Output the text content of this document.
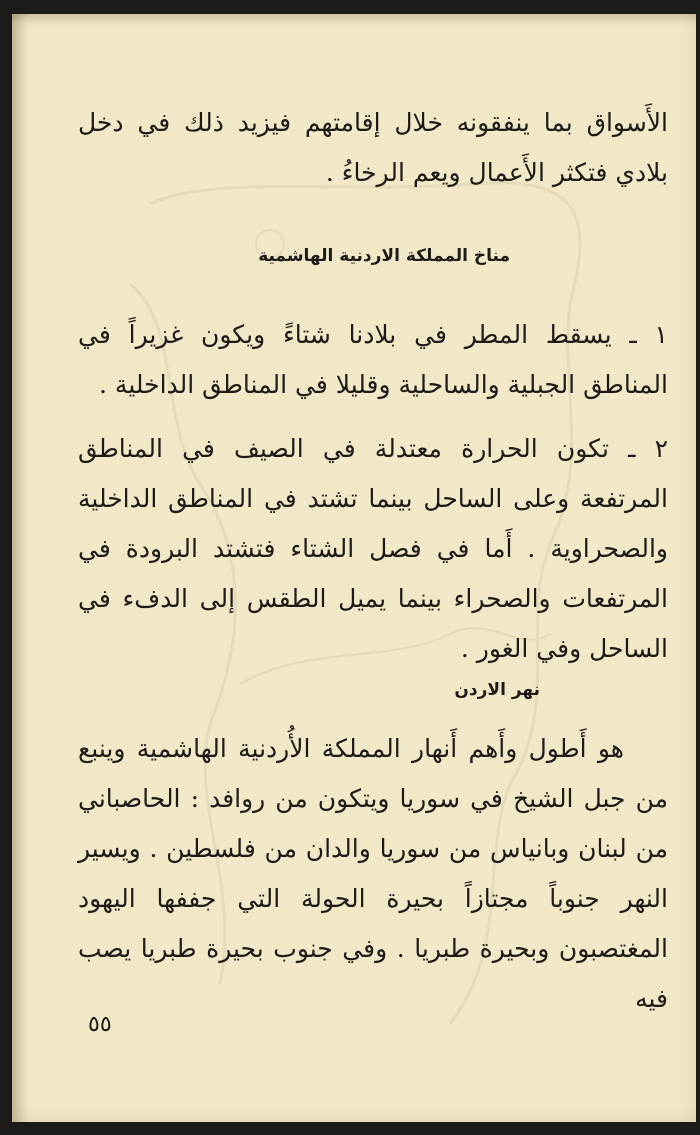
الأَسواق بما ينفقونه خلال إقامتهم فيزيد ذلك في دخل بلادي فتكثر الأَعمال ويعم الرخاءُ .
مناخ المملكة الاردنية الهاشمية
١ ـ يسقط المطر في بلادنا شتاءً ويكون غزيراً في المناطق الجبلية والساحلية وقليلا في المناطق الداخلية .
٢ ـ تكون الحرارة معتدلة في الصيف في المناطق المرتفعة وعلى الساحل بينما تشتد في المناطق الداخلية والصحراوية . أَما في فصل الشتاء فتشتد البرودة في المرتفعات والصحراء بينما يميل الطقس إلى الدفء في الساحل وفي الغور .
نهر الاردن
هو أَطول وأَهم أَنهار المملكة الأُردنية الهاشمية وينبع من جبل الشيخ في سوريا ويتكون من روافد : الحاصباني من لبنان وبانياس من سوريا والدان من فلسطين . ويسير النهر جنوباً مجتازاً بحيرة الحولة التي جففها اليهود المغتصبون وبحيرة طبريا . وفي جنوب بحيرة طبريا يصب فيه
٥٥
